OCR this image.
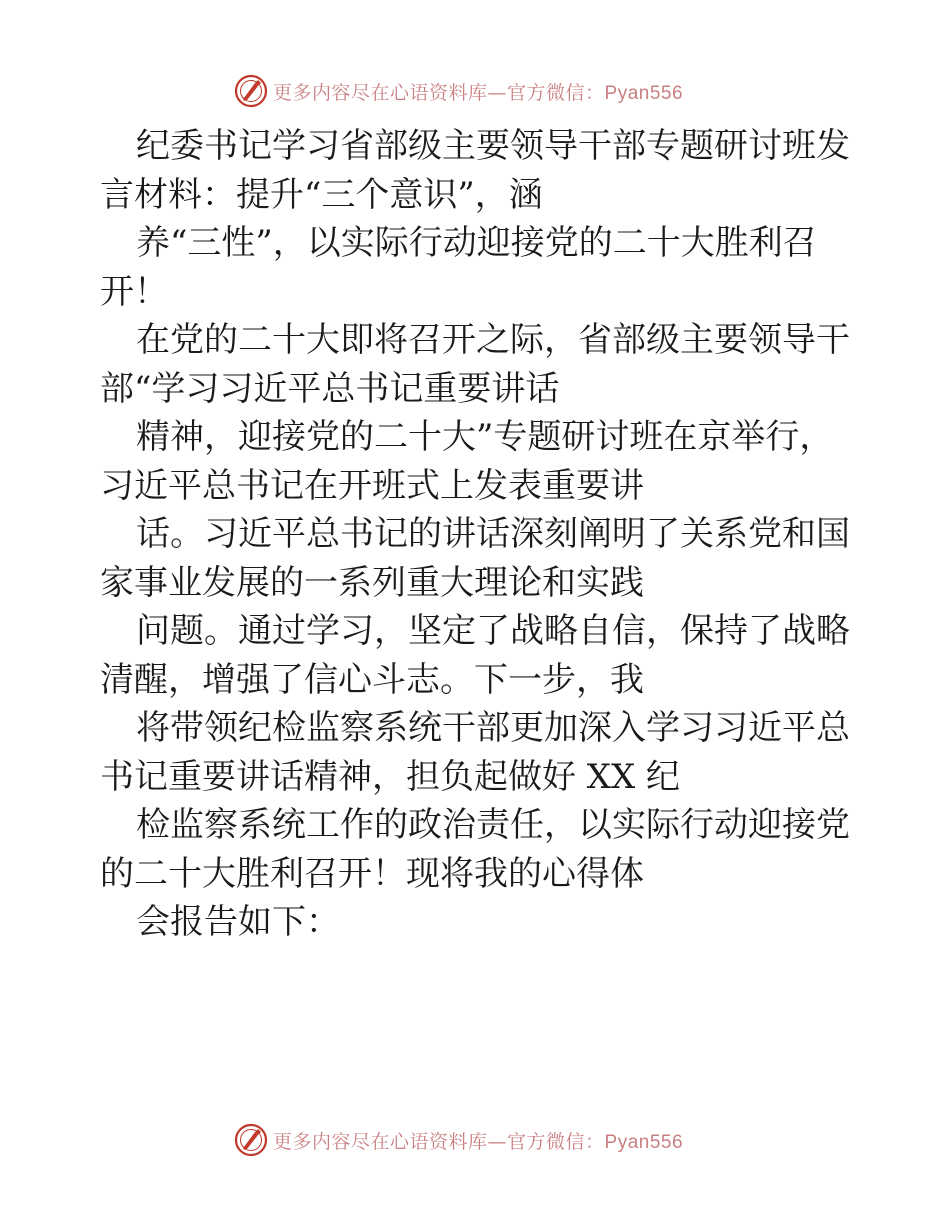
更多内容尽在心语资料库—官方微信：Pyan556
纪委书记学习省部级主要领导干部专题研讨班发
言材料：提升“三个意识”，涵
养“三性”，以实际行动迎接党的二十大胜利召
开！
在党的二十大即将召开之际，省部级主要领导干
部“学习习近平总书记重要讲话
精神，迎接党的二十大”专题研讨班在京举行，
习近平总书记在开班式上发表重要讲
话。习近平总书记的讲话深刻阐明了关系党和国
家事业发展的一系列重大理论和实践
问题。通过学习，坚定了战略自信，保持了战略
清醒，增强了信心斗志。下一步，我
将带领纪检监察系统干部更加深入学习习近平总
书记重要讲话精神，担负起做好 XX 纪
检监察系统工作的政治责任，以实际行动迎接党
的二十大胜利召开！现将我的心得体
会报告如下：
更多内容尽在心语资料库—官方微信：Pyan556
